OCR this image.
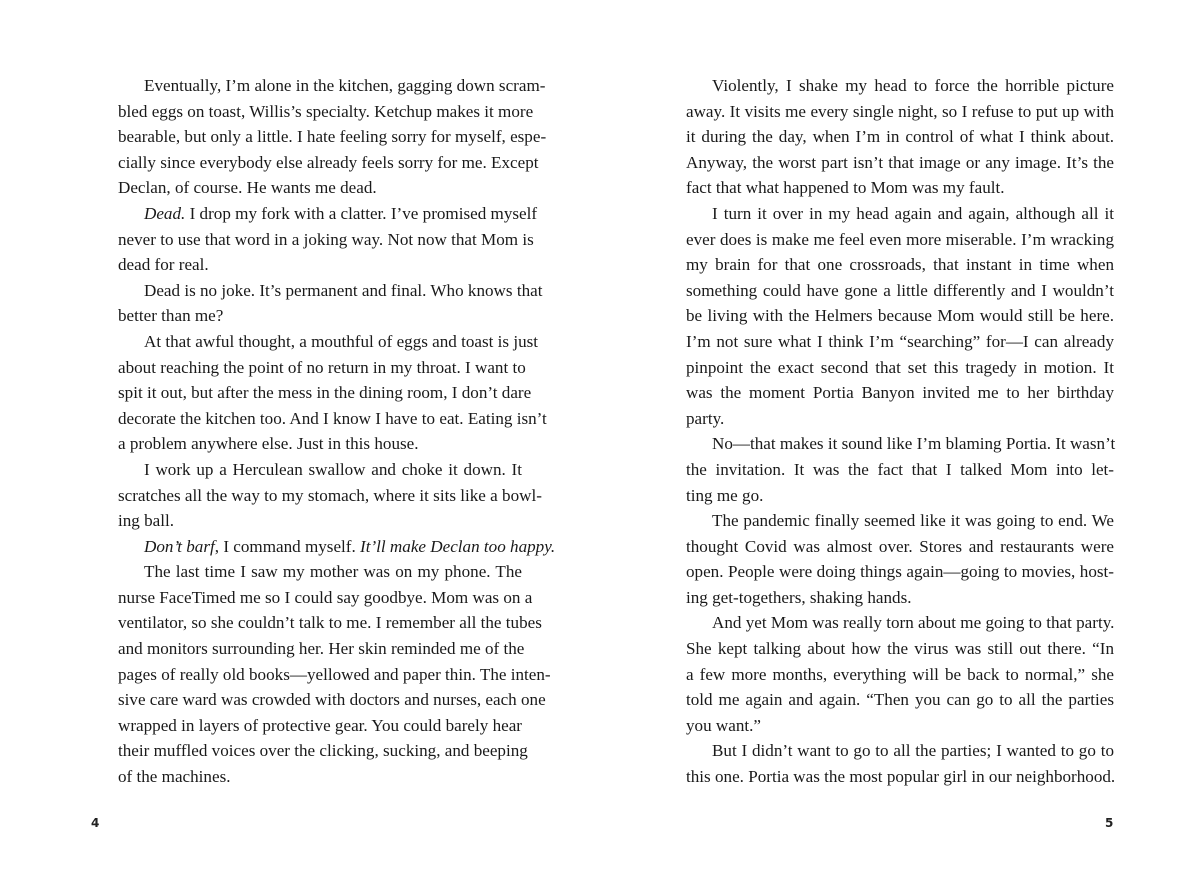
Eventually, I’m alone in the kitchen, gagging down scram-
bled eggs on toast, Willis’s specialty. Ketchup makes it more
bearable, but only a little. I hate feeling sorry for myself, espe-
cially since everybody else already feels sorry for me. Except
Declan, of course. He wants me dead.
Dead. I drop my fork with a clatter. I’ve promised myself
never to use that word in a joking way. Not now that Mom is
dead for real.
Dead is no joke. It’s permanent and final. Who knows that
better than me?
At that awful thought, a mouthful of eggs and toast is just
about reaching the point of no return in my throat. I want to
spit it out, but after the mess in the dining room, I don’t dare
decorate the kitchen too. And I know I have to eat. Eating isn’t
a problem anywhere else. Just in this house.
I work up a Herculean swallow and choke it down. It
scratches all the way to my stomach, where it sits like a bowl-
ing ball.
Don’t barf, I command myself. It’ll make Declan too happy.
The last time I saw my mother was on my phone. The
nurse FaceTimed me so I could say goodbye. Mom was on a
ventilator, so she couldn’t talk to me. I remember all the tubes
and monitors surrounding her. Her skin reminded me of the
pages of really old books—yellowed and paper thin. The inten-
sive care ward was crowded with doctors and nurses, each one
wrapped in layers of protective gear. You could barely hear
their muffled voices over the clicking, sucking, and beeping
of the machines.
4
Violently, I shake my head to force the horrible picture
away. It visits me every single night, so I refuse to put up with
it during the day, when I’m in control of what I think about.
Anyway, the worst part isn’t that image or any image. It’s the
fact that what happened to Mom was my fault.
I turn it over in my head again and again, although all it
ever does is make me feel even more miserable. I’m wracking
my brain for that one crossroads, that instant in time when
something could have gone a little differently and I wouldn’t
be living with the Helmers because Mom would still be here.
I’m not sure what I think I’m “searching” for—I can already
pinpoint the exact second that set this tragedy in motion. It
was the moment Portia Banyon invited me to her birthday
party.
No—that makes it sound like I’m blaming Portia. It wasn’t
the invitation. It was the fact that I talked Mom into let-
ting me go.
The pandemic finally seemed like it was going to end. We
thought Covid was almost over. Stores and restaurants were
open. People were doing things again—going to movies, host-
ing get-togethers, shaking hands.
And yet Mom was really torn about me going to that party.
She kept talking about how the virus was still out there. “In
a few more months, everything will be back to normal,” she
told me again and again. “Then you can go to all the parties
you want.”
But I didn’t want to go to all the parties; I wanted to go to
this one. Portia was the most popular girl in our neighborhood.
5
